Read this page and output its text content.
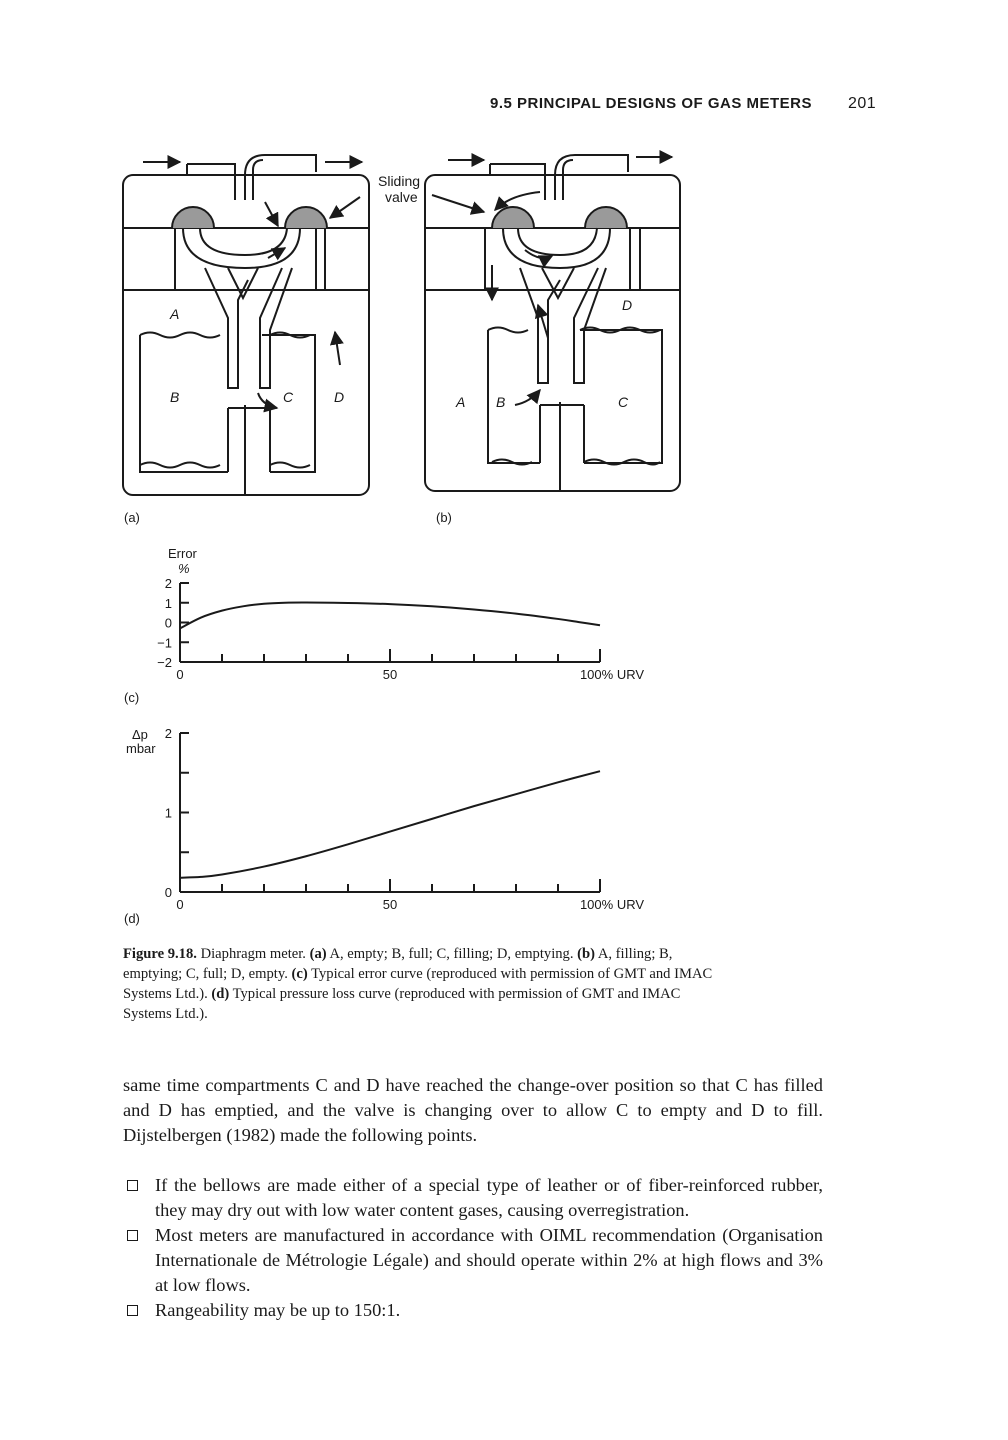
9.5 PRINCIPAL DESIGNS OF GAS METERS 201
Sliding
valve
A
B	C	D
D
A B	C
(a)	(b)
Error
%
(c)
2
1
0
−1
−2
0	50	100% URV
Δp
mbar
(d)
2
1
0
0	50	100% URV
Figure 9.18. Diaphragm meter. (a) A, empty; B, full; C, filling; D, emptying. (b) A, filling; B, emptying; C, full; D, empty. (c) Typical error curve (reproduced with permission of GMT and IMAC Systems Ltd.). (d) Typical pressure loss curve (reproduced with permission of GMT and IMAC Systems Ltd.).
same time compartments C and D have reached the change-over position so that C has filled and D has emptied, and the valve is changing over to allow C to empty and D to fill. Dijstelbergen (1982) made the following points.
If the bellows are made either of a special type of leather or of fiber-reinforced rubber, they may dry out with low water content gases, causing overregistration.
Most meters are manufactured in accordance with OIML recommendation (Organisation Internationale de Métrologie Légale) and should operate within 2% at high flows and 3% at low flows.
Rangeability may be up to 150:1.
